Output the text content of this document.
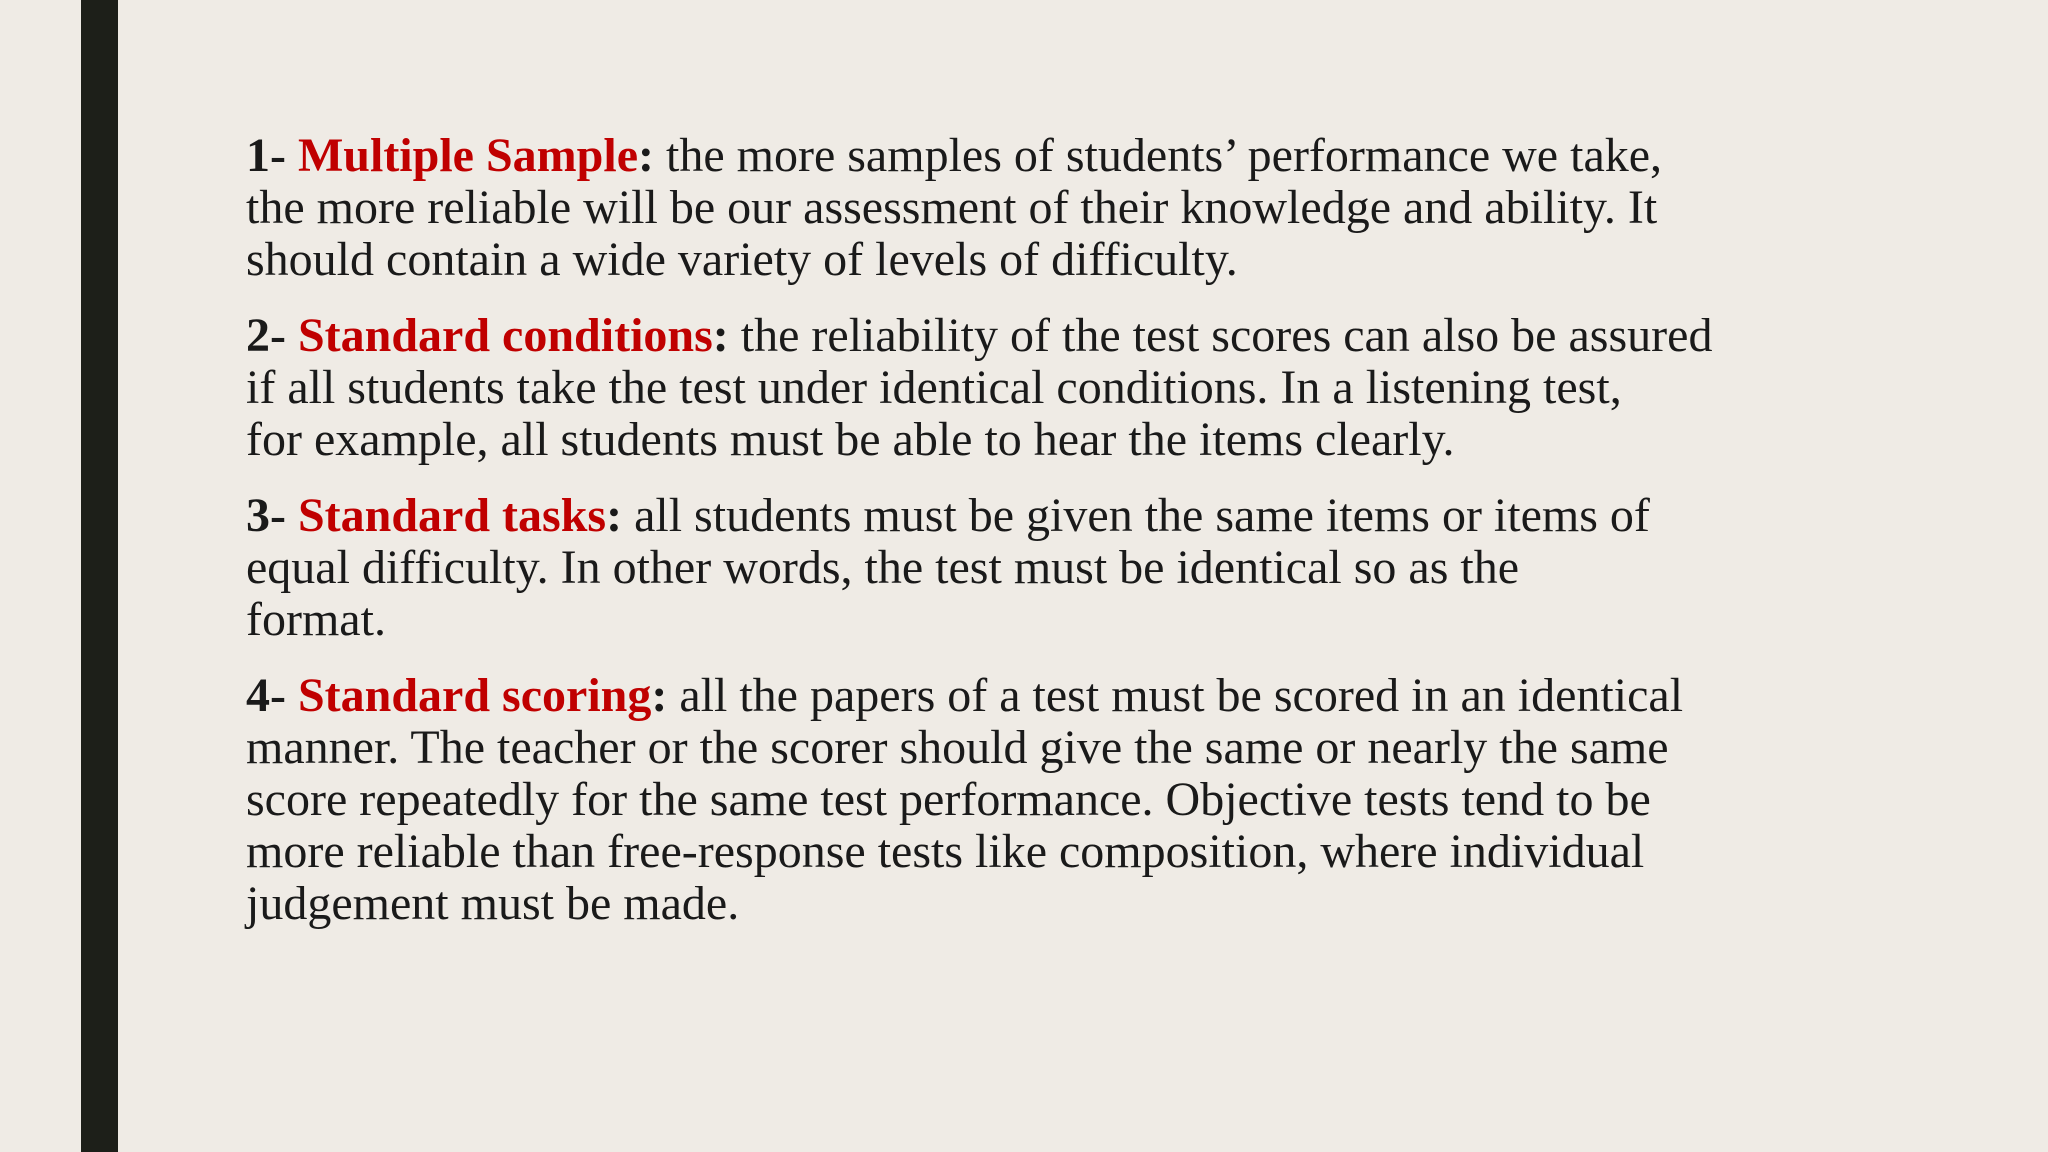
1- Multiple Sample: the more samples of students’ performance we take,
the more reliable will be our assessment of their knowledge and ability. It
should contain a wide variety of levels of difficulty.
2- Standard conditions: the reliability of the test scores can also be assured
if all students take the test under identical conditions. In a listening test,
for example, all students must be able to hear the items clearly.
3- Standard tasks: all students must be given the same items or items of
equal difficulty. In other words, the test must be identical so as the
format.
4- Standard scoring: all the papers of a test must be scored in an identical
manner. The teacher or the scorer should give the same or nearly the same
score repeatedly for the same test performance. Objective tests tend to be
more reliable than free-response tests like composition, where individual
judgement must be made.
